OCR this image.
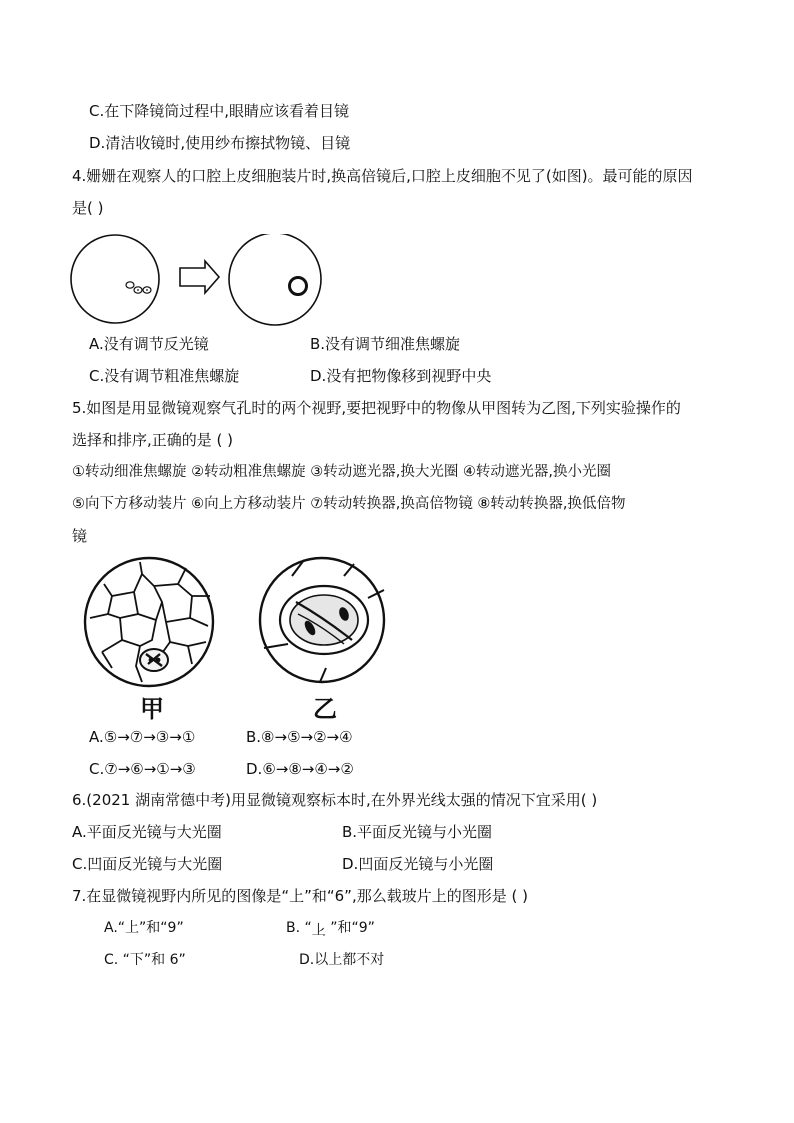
C.在下降镜筒过程中,眼睛应该看着目镜
D.清洁收镜时,使用纱布擦拭物镜、目镜
4.姗姗在观察人的口腔上皮细胞装片时,换高倍镜后,口腔上皮细胞不见了(如图)。最可能的原因
是( )
A.没有调节反光镜	B.没有调节细准焦螺旋
C.没有调节粗准焦螺旋	D.没有把物像移到视野中央
5.如图是用显微镜观察气孔时的两个视野,要把视野中的物像从甲图转为乙图,下列实验操作的
选择和排序,正确的是 ( )
①转动细准焦螺旋 ②转动粗准焦螺旋 ③转动遮光器,换大光圈 ④转动遮光器,换小光圈
⑤向下方移动装片 ⑥向上方移动装片 ⑦转动转换器,换高倍物镜 ⑧转动转换器,换低倍物
镜
甲	乙
A.⑤→⑦→③→①	B.⑧→⑤→②→④
C.⑦→⑥→①→③	D.⑥→⑧→④→②
6.(2021 湖南常德中考)用显微镜观察标本时,在外界光线太强的情况下宜采用( )
A.平面反光镜与大光圈	B.平面反光镜与小光圈
C.凹面反光镜与大光圈	D.凹面反光镜与小光圈
7.在显微镜视野内所见的图像是“上”和“6”,那么载玻片上的图形是 ( )
A.“上”和“9”	B. “下 ”和“9”
C. “下”和 6”	D.以上都不对
